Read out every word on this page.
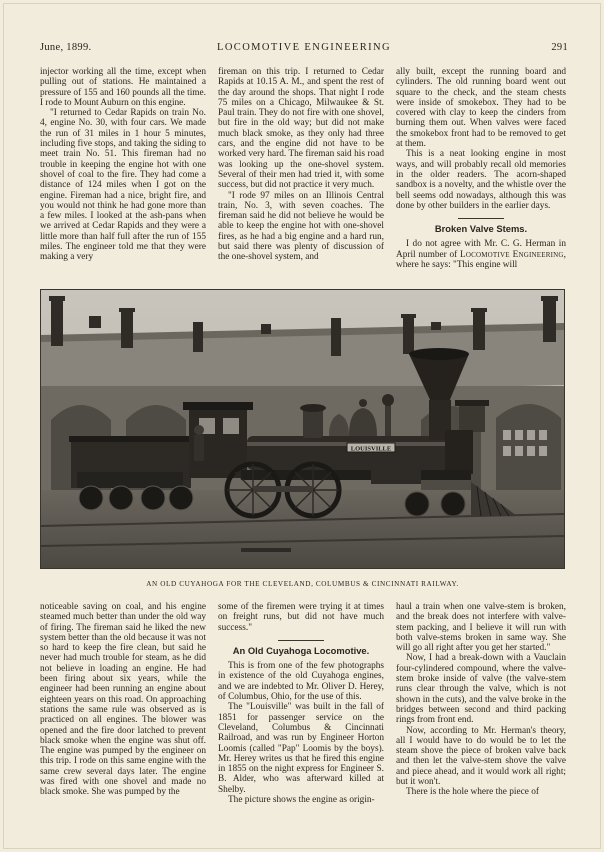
June, 1899.	LOCOMOTIVE ENGINEERING	291

injector working all the time, except when pulling out of stations. He maintained a pressure of 155 and 160 pounds all the time. I rode to Mount Auburn on this engine.

"I returned to Cedar Rapids on train No. 4, engine No. 30, with four cars. We made the run of 31 miles in 1 hour 5 minutes, including five stops, and taking the siding to meet train No. 51. This fireman had no trouble in keeping the engine hot with one shovel of coal to the fire. They had come a distance of 124 miles when I got on the engine. Fireman had a nice, bright fire, and you would not think he had gone more than a few miles. I looked at the ash-pans when we arrived at Cedar Rapids and they were a little more than half full after the run of 155 miles. The engineer told me that they were making a very

fireman on this trip. I returned to Cedar Rapids at 10.15 A. M., and spent the rest of the day around the shops. That night I rode 75 miles on a Chicago, Milwaukee & St. Paul train. They do not fire with one shovel, but fire in the old way; but did not make much black smoke, as they only had three cars, and the engine did not have to be worked very hard. The fireman said his road was looking up the one-shovel system. Several of their men had tried it, with some success, but did not practice it very much.

"I rode 97 miles on an Illinois Central train, No. 3, with seven coaches. The fireman said he did not believe he would be able to keep the engine hot with one-shovel fires, as he had a big engine and a hard run, but said there was plenty of discussion of the one-shovel system, and

ally built, except the running board and cylinders. The old running board went out square to the check, and the steam chests were inside of smokebox. They had to be covered with clay to keep the cinders from burning them out. When valves were faced the smokebox front had to be removed to get at them.

This is a neat looking engine in most ways, and will probably recall old memories in the older readers. The acorn-shaped sandbox is a novelty, and the whistle over the bell seems odd nowadays, although this was done by other builders in the earlier days.

Broken Valve Stems.

I do not agree with Mr. C. G. Herman in April number of Locomotive Engineering, where he says: "This engine will

LOUISVILLE
AN OLD CUYAHOGA FOR THE CLEVELAND, COLUMBUS & CINCINNATI RAILWAY.

noticeable saving on coal, and his engine steamed much better than under the old way of firing. The fireman said he liked the new system better than the old because it was not so hard to keep the fire clean, but said he never had much trouble for steam, as he did not believe in loading an engine. He had been firing about six years, while the engineer had been running an engine about eighteen years on this road. On approaching stations the same rule was observed as is practiced on all engines. The blower was opened and the fire door latched to prevent black smoke when the engine was shut off. The engine was pumped by the engineer on this trip. I rode on this same engine with the same crew several days later. The engine was fired with one shovel and made no black smoke. She was pumped by the

some of the firemen were trying it at times on freight runs, but did not have much success."

An Old Cuyahoga Locomotive.

This is from one of the few photographs in existence of the old Cuyahoga engines, and we are indebted to Mr. Oliver D. Herey, of Columbus, Ohio, for the use of this.

The "Louisville" was built in the fall of 1851 for passenger service on the Cleveland, Columbus & Cincinnati Railroad, and was run by Engineer Horton Loomis (called "Pap" Loomis by the boys). Mr. Herey writes us that he fired this engine in 1855 on the night express for Engineer S. B. Alder, who was afterward killed at Shelby.

The picture shows the engine as origin-

haul a train when one valve-stem is broken, and the break does not interfere with valve-stem packing, and I believe it will run with both valve-stems broken in same way. She will go all right after you get her started."

Now, I had a break-down with a Vauclain four-cylindered compound, where the valve-stem broke inside of valve (the valve-stem runs clear through the valve, which is not shown in the cuts), and the valve broke in the bridges between second and third packing rings from front end.

Now, according to Mr. Herman's theory, all I would have to do would be to let the steam shove the piece of broken valve back and then let the valve-stem shove the valve and piece ahead, and it would work all right; but it won't.

There is the hole where the piece of
